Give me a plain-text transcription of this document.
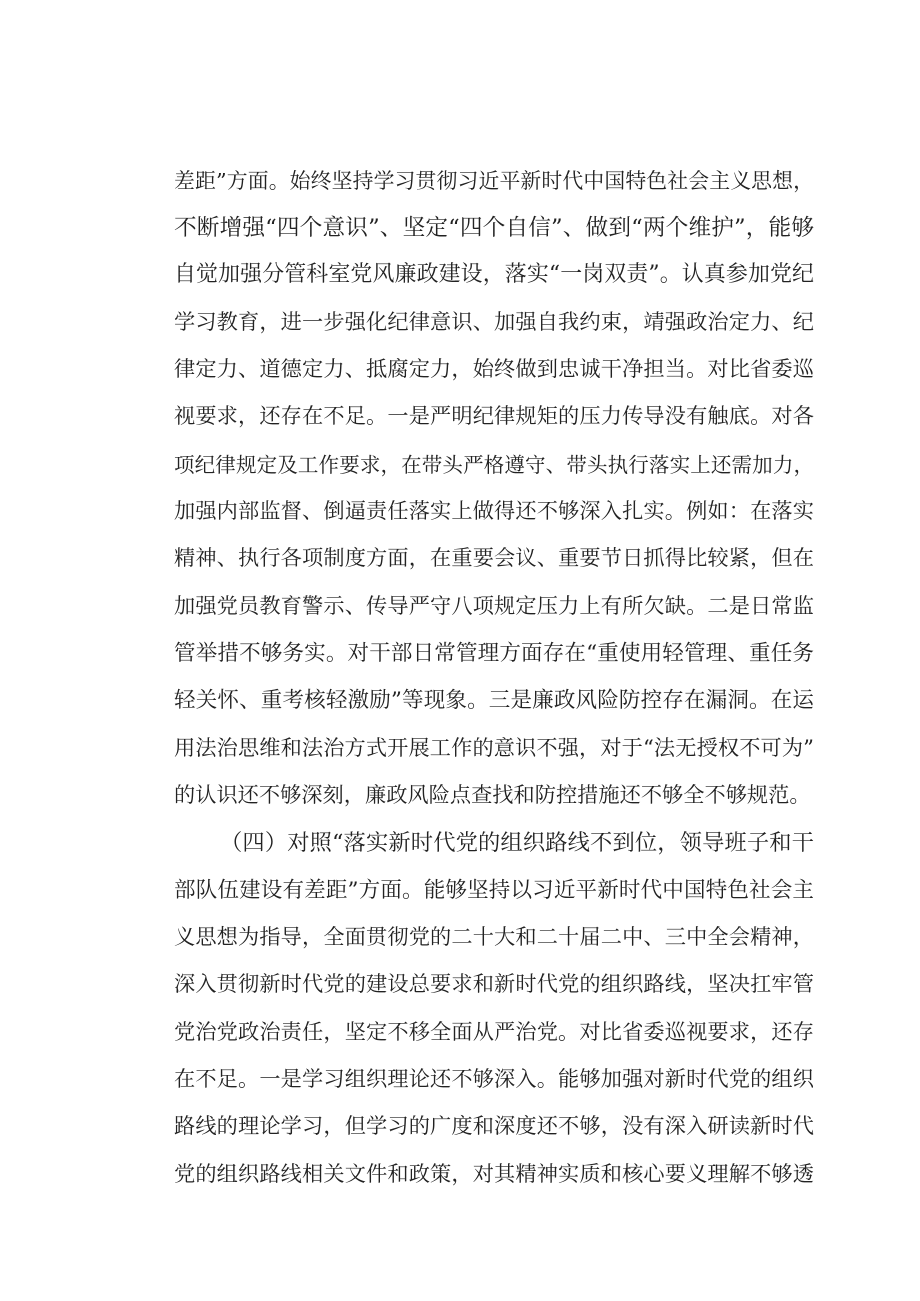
差距”方面。始终坚持学习贯彻习近平新时代中国特色社会主义思想，
不断增强“四个意识”、坚定“四个自信”、做到“两个维护”，能够
自觉加强分管科室党风廉政建设，落实“一岗双责”。认真参加党纪
学习教育，进一步强化纪律意识、加强自我约束，靖强政治定力、纪
律定力、道德定力、抵腐定力，始终做到忠诚干净担当。对比省委巡
视要求，还存在不足。一是严明纪律规矩的压力传导没有触底。对各
项纪律规定及工作要求，在带头严格遵守、带头执行落实上还需加力，
加强内部监督、倒逼责任落实上做得还不够深入扎实。例如：在落实
精神、执行各项制度方面，在重要会议、重要节日抓得比较紧，但在
加强党员教育警示、传导严守八项规定压力上有所欠缺。二是日常监
管举措不够务实。对干部日常管理方面存在“重使用轻管理、重任务
轻关怀、重考核轻激励”等现象。三是廉政风险防控存在漏洞。在运
用法治思维和法治方式开展工作的意识不强，对于“法无授权不可为”
的认识还不够深刻，廉政风险点查找和防控措施还不够全不够规范。
（四）对照“落实新时代党的组织路线不到位，领导班子和干
部队伍建设有差距”方面。能够坚持以习近平新时代中国特色社会主
义思想为指导，全面贯彻党的二十大和二十届二中、三中全会精神，
深入贯彻新时代党的建设总要求和新时代党的组织路线，坚决扛牢管
党治党政治责任，坚定不移全面从严治党。对比省委巡视要求，还存
在不足。一是学习组织理论还不够深入。能够加强对新时代党的组织
路线的理论学习，但学习的广度和深度还不够，没有深入研读新时代
党的组织路线相关文件和政策，对其精神实质和核心要义理解不够透
